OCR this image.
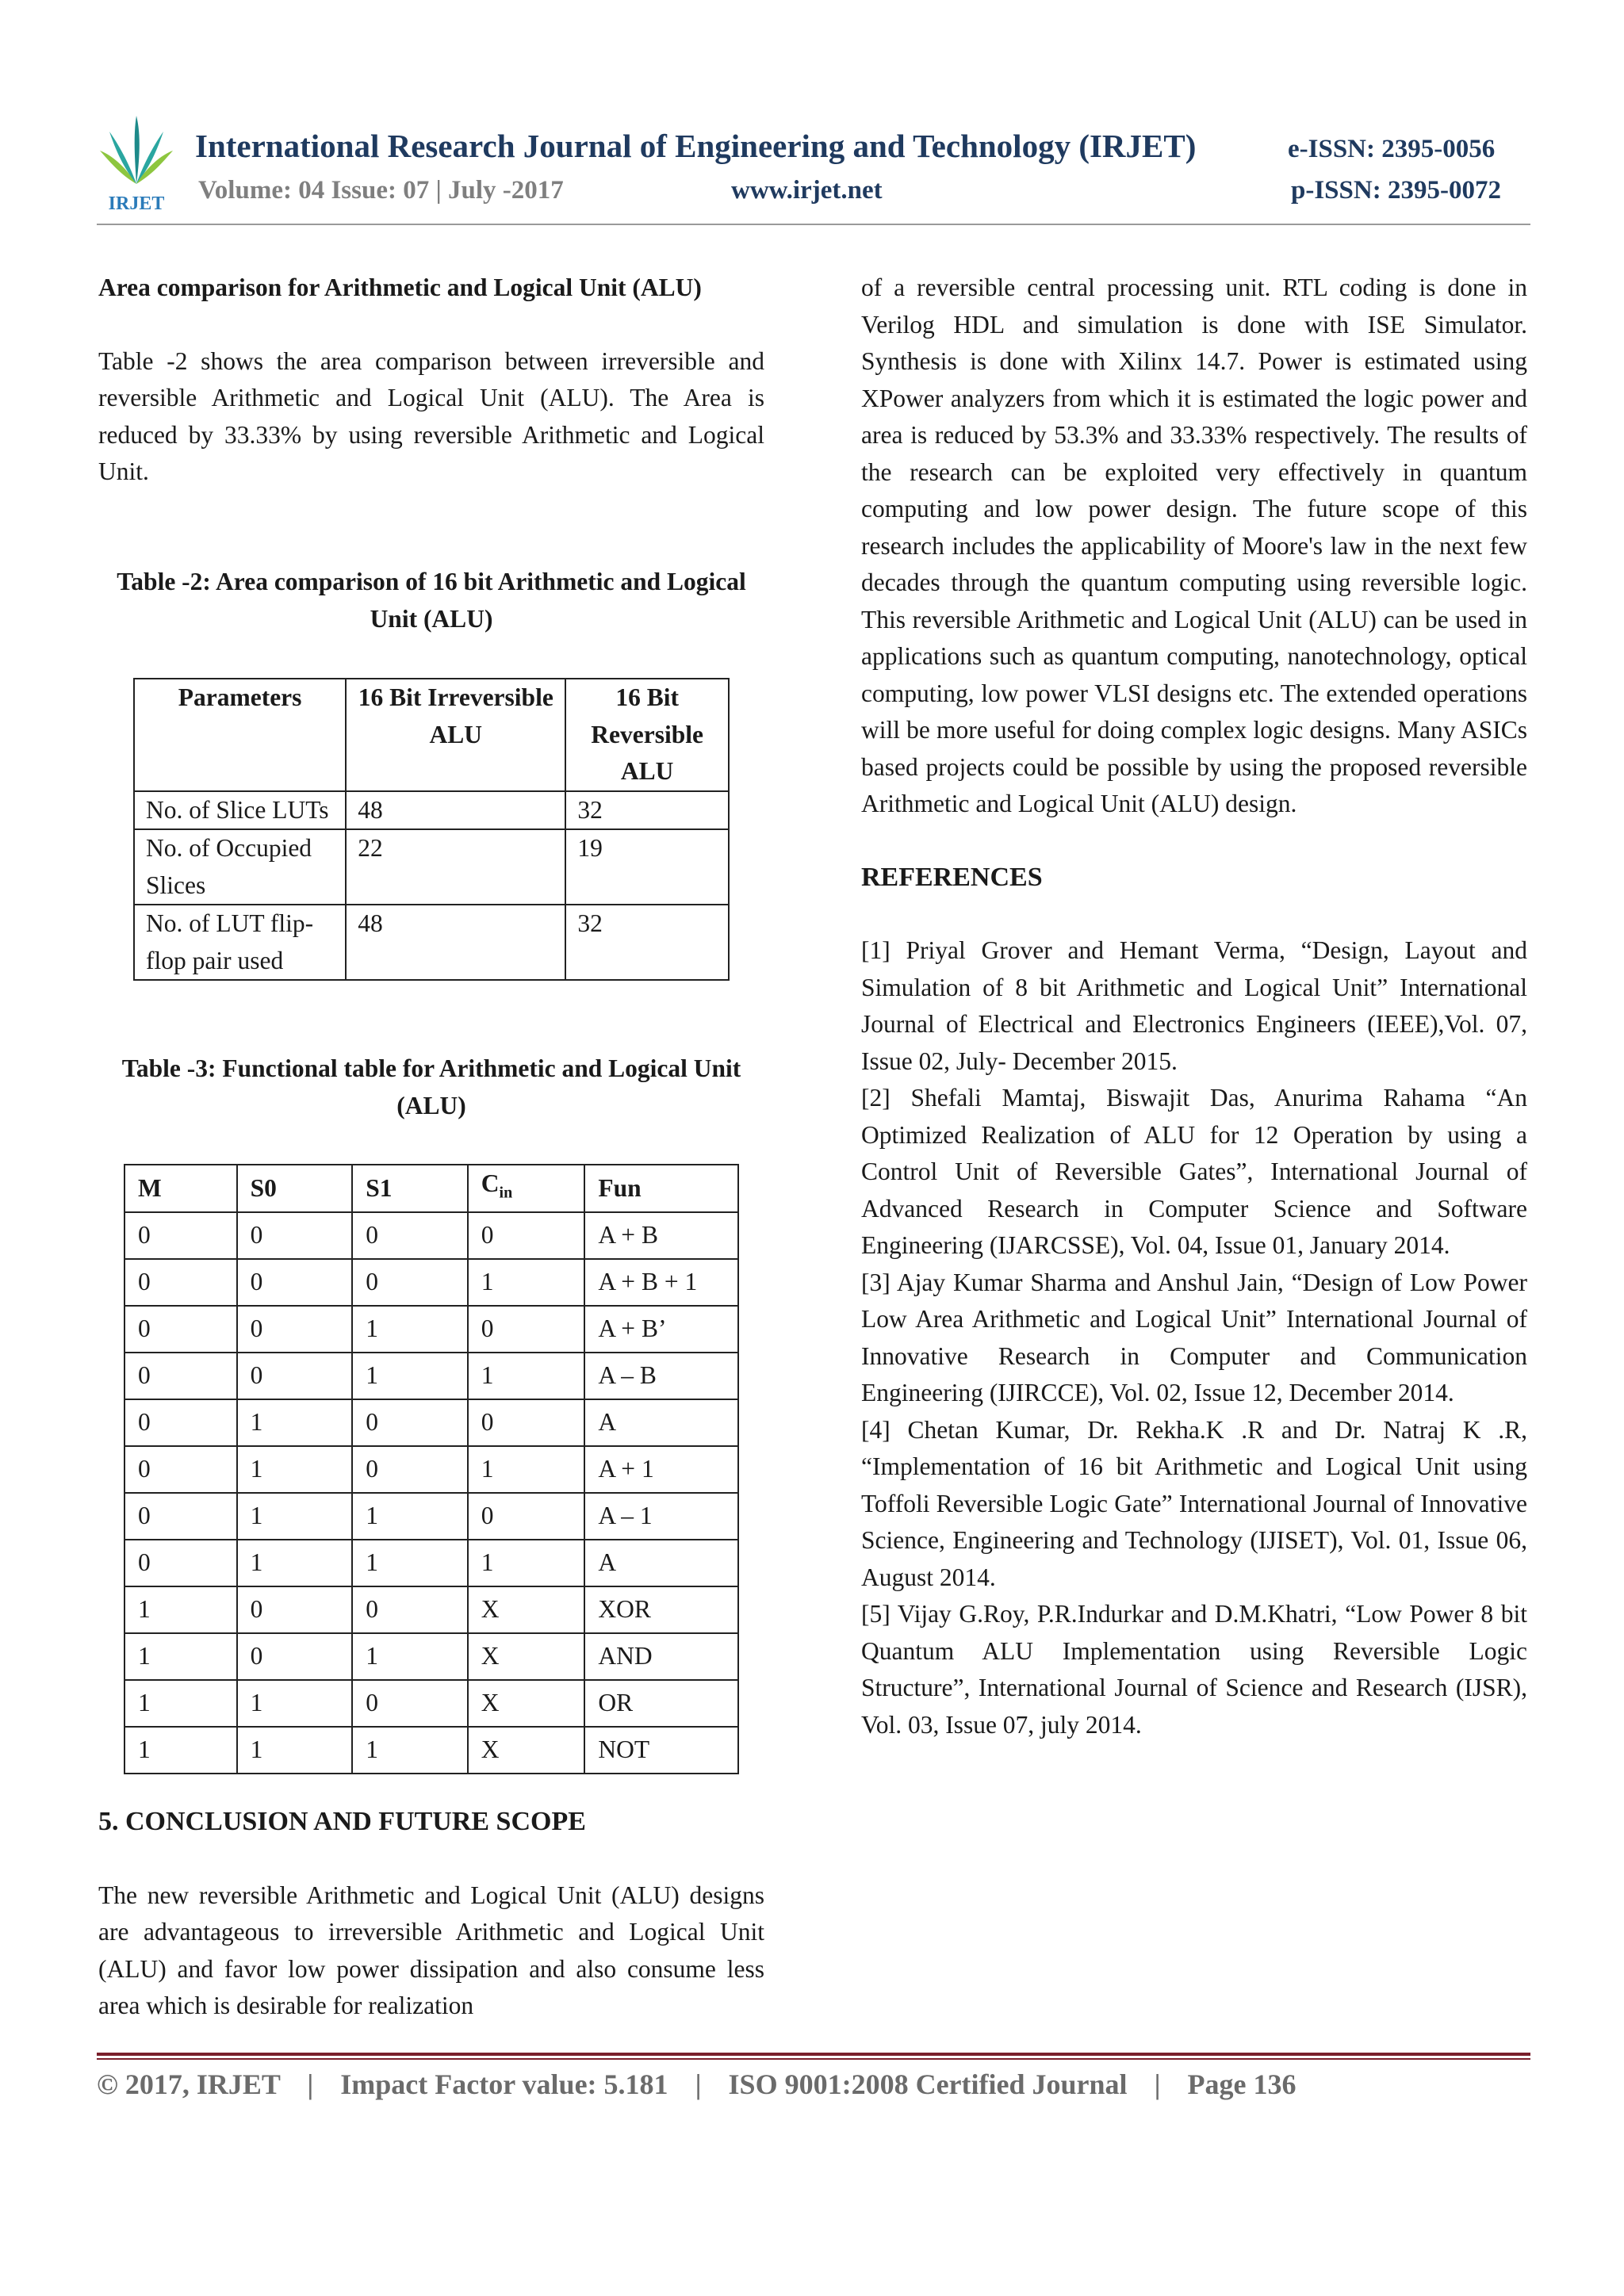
IRJET
International Research Journal of Engineering and Technology (IRJET)	e-ISSN: 2395-0056
Volume: 04 Issue: 07 | July -2017	www.irjet.net	p-ISSN: 2395-0072

Area comparison for Arithmetic and Logical Unit (ALU)

Table -2 shows the area comparison between irreversible and reversible Arithmetic and Logical Unit (ALU). The Area is reduced by 33.33% by using reversible Arithmetic and Logical Unit.

Table -2: Area comparison of 16 bit Arithmetic and Logical Unit (ALU)
Parameters	16 Bit Irreversible ALU	16 Bit Reversible ALU
No. of Slice LUTs	48	32
No. of Occupied Slices	22	19
No. of LUT flip-flop pair used	48	32
Table -3: Functional table for Arithmetic and Logical Unit (ALU)
M	S0	S1	$C_{in}$	Fun
0	0	0	0	A + B
0	0	0	1	A + B + 1
0	0	1	0	A + B’
0	0	1	1	A – B
0	1	0	0	A
0	1	0	1	A + 1
0	1	1	0	A – 1
0	1	1	1	A
1	0	0	X	XOR
1	0	1	X	AND
1	1	0	X	OR
1	1	1	X	NOT

5. CONCLUSION AND FUTURE SCOPE

The new reversible Arithmetic and Logical Unit (ALU) designs are advantageous to irreversible Arithmetic and Logical Unit (ALU) and favor low power dissipation and also consume less area which is desirable for realization

of a reversible central processing unit. RTL coding is done in Verilog HDL and simulation is done with ISE Simulator. Synthesis is done with Xilinx 14.7. Power is estimated using XPower analyzers from which it is estimated the logic power and area is reduced by 53.3% and 33.33% respectively. The results of the research can be exploited very effectively in quantum computing and low power design. The future scope of this research includes the applicability of Moore's law in the next few decades through the quantum computing using reversible logic. This reversible Arithmetic and Logical Unit (ALU) can be used in applications such as quantum computing, nanotechnology, optical computing, low power VLSI designs etc. The extended operations will be more useful for doing complex logic designs. Many ASICs based projects could be possible by using the proposed reversible Arithmetic and Logical Unit (ALU) design.

REFERENCES

[1] Priyal Grover and Hemant Verma, “Design, Layout and Simulation of 8 bit Arithmetic and Logical Unit” International Journal of Electrical and Electronics Engineers (IEEE),Vol. 07, Issue 02, July- December 2015.

[2] Shefali Mamtaj, Biswajit Das, Anurima Rahama “An Optimized Realization of ALU for 12 Operation by using a Control Unit of Reversible Gates”, International Journal of Advanced Research in Computer Science and Software Engineering (IJARCSSE), Vol. 04, Issue 01, January 2014.

[3] Ajay Kumar Sharma and Anshul Jain, “Design of Low Power Low Area Arithmetic and Logical Unit” International Journal of Innovative Research in Computer and Communication Engineering (IJIRCCE), Vol. 02, Issue 12, December 2014.

[4] Chetan Kumar, Dr. Rekha.K .R and Dr. Natraj K .R, “Implementation of 16 bit Arithmetic and Logical Unit using Toffoli Reversible Logic Gate” International Journal of Innovative Science, Engineering and Technology (IJISET), Vol. 01, Issue 06, August 2014.

[5] Vijay G.Roy, P.R.Indurkar and D.M.Khatri, “Low Power 8 bit Quantum ALU Implementation using Reversible Logic Structure”, International Journal of Science and Research (IJSR), Vol. 03, Issue 07, july 2014.

© 2017, IRJET | Impact Factor value: 5.181 | ISO 9001:2008 Certified Journal | Page 136
